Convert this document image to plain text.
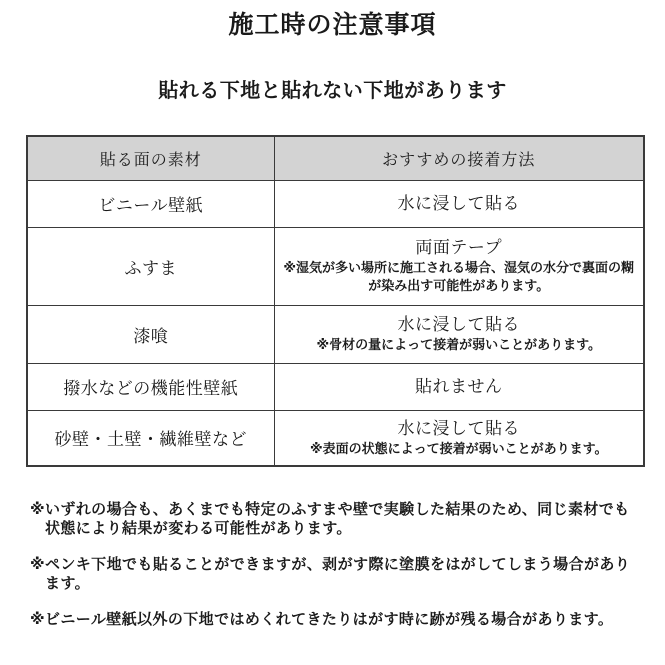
施工時の注意事項
貼れる下地と貼れない下地があります
貼る面の素材	おすすめの接着方法
ビニール壁紙	水に浸して貼る

ふすま	両面テープ
※湿気が多い場所に施工される場合、湿気の水分で裏面の糊が染み出す可能性があります。

漆喰	水に浸して貼る
※骨材の量によって接着が弱いことがあります。

撥水などの機能性壁紙	貼れません

砂壁・土壁・繊維壁など	水に浸して貼る
※表面の状態によって接着が弱いことがあります。

※いずれの場合も、あくまでも特定のふすまや壁で実験した結果のため、同じ素材でも状態により結果が変わる可能性があります。

※ペンキ下地でも貼ることができますが、剥がす際に塗膜をはがしてしまう場合があります。

※ビニール壁紙以外の下地ではめくれてきたりはがす時に跡が残る場合があります。
